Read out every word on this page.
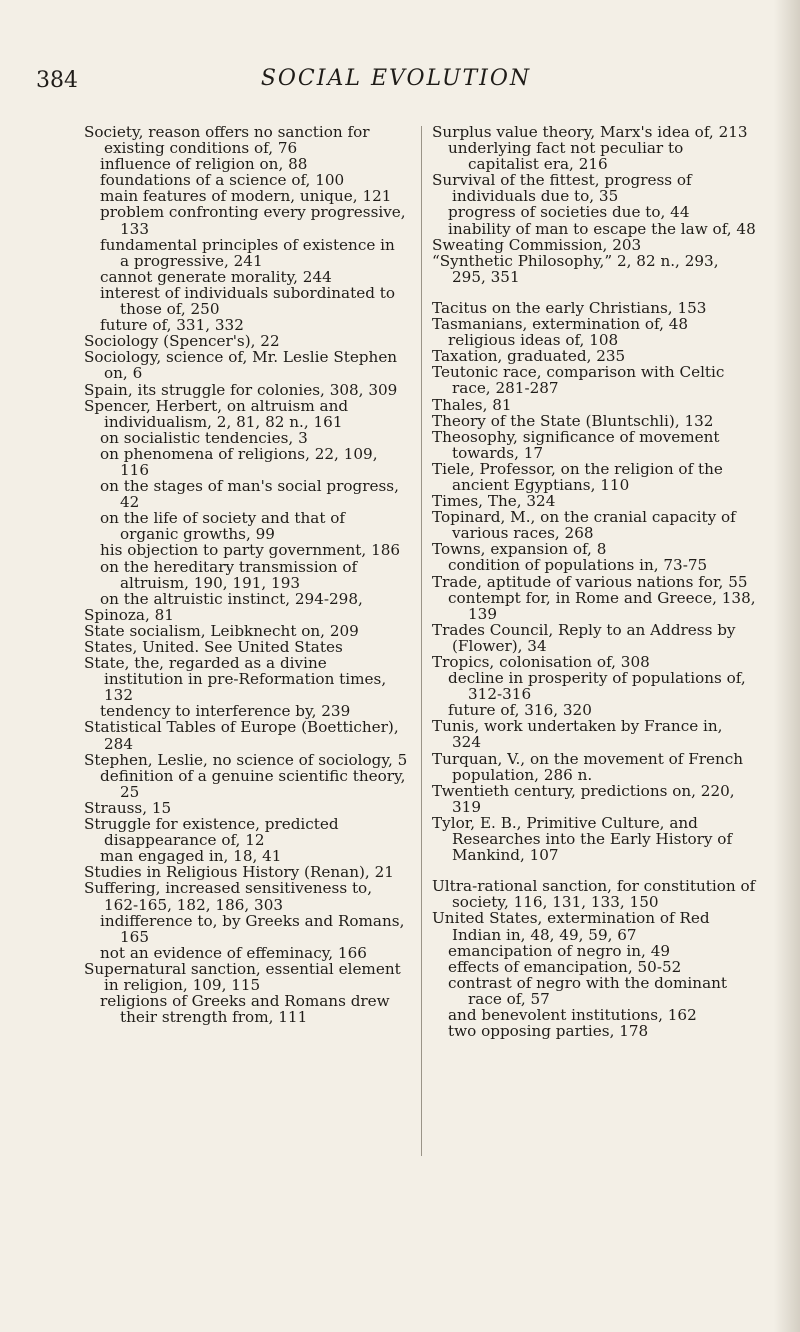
384	SOCIAL EVOLUTION
Society, reason offers no sanction for existing conditions of, 76
influence of religion on, 88
foundations of a science of, 100
main features of modern, unique, 121
problem confronting every progressive, 133
fundamental principles of existence in a progressive, 241
cannot generate morality, 244
interest of individuals subordinated to those of, 250
future of, 331, 332
Sociology (Spencer's), 22
Sociology, science of, Mr. Leslie Stephen on, 6
Spain, its struggle for colonies, 308, 309
Spencer, Herbert, on altruism and individualism, 2, 81, 82 n., 161
on socialistic tendencies, 3
on phenomena of religions, 22, 109, 116
on the stages of man's social progress, 42
on the life of society and that of organic growths, 99
his objection to party government, 186
on the hereditary transmission of altruism, 190, 191, 193
on the altruistic instinct, 294-298,
Spinoza, 81
State socialism, Leibknecht on, 209
States, United. See United States
State, the, regarded as a divine institution in pre-Reformation times, 132
tendency to interference by, 239
Statistical Tables of Europe (Boetticher), 284
Stephen, Leslie, no science of sociology, 5
definition of a genuine scientific theory, 25
Strauss, 15
Struggle for existence, predicted disappearance of, 12
man engaged in, 18, 41
Studies in Religious History (Renan), 21
Suffering, increased sensitiveness to, 162-165, 182, 186, 303
indifference to, by Greeks and Romans, 165
not an evidence of effeminacy, 166
Supernatural sanction, essential element in religion, 109, 115
religions of Greeks and Romans drew their strength from, 111
Surplus value theory, Marx's idea of, 213
underlying fact not peculiar to capitalist era, 216
Survival of the fittest, progress of individuals due to, 35
progress of societies due to, 44
inability of man to escape the law of, 48
Sweating Commission, 203
“Synthetic Philosophy,” 2, 82 n., 293, 295, 351
Tacitus on the early Christians, 153
Tasmanians, extermination of, 48
religious ideas of, 108
Taxation, graduated, 235
Teutonic race, comparison with Celtic race, 281-287
Thales, 81
Theory of the State (Bluntschli), 132
Theosophy, significance of movement towards, 17
Tiele, Professor, on the religion of the ancient Egyptians, 110
Times, The, 324
Topinard, M., on the cranial capacity of various races, 268
Towns, expansion of, 8
condition of populations in, 73-75
Trade, aptitude of various nations for, 55
contempt for, in Rome and Greece, 138, 139
Trades Council, Reply to an Address by (Flower), 34
Tropics, colonisation of, 308
decline in prosperity of populations of, 312-316
future of, 316, 320
Tunis, work undertaken by France in, 324
Turquan, V., on the movement of French population, 286 n.
Twentieth century, predictions on, 220, 319
Tylor, E. B., Primitive Culture, and Researches into the Early History of Mankind, 107
Ultra-rational sanction, for constitution of society, 116, 131, 133, 150
United States, extermination of Red Indian in, 48, 49, 59, 67
emancipation of negro in, 49
effects of emancipation, 50-52
contrast of negro with the dominant race of, 57
and benevolent institutions, 162
two opposing parties, 178
